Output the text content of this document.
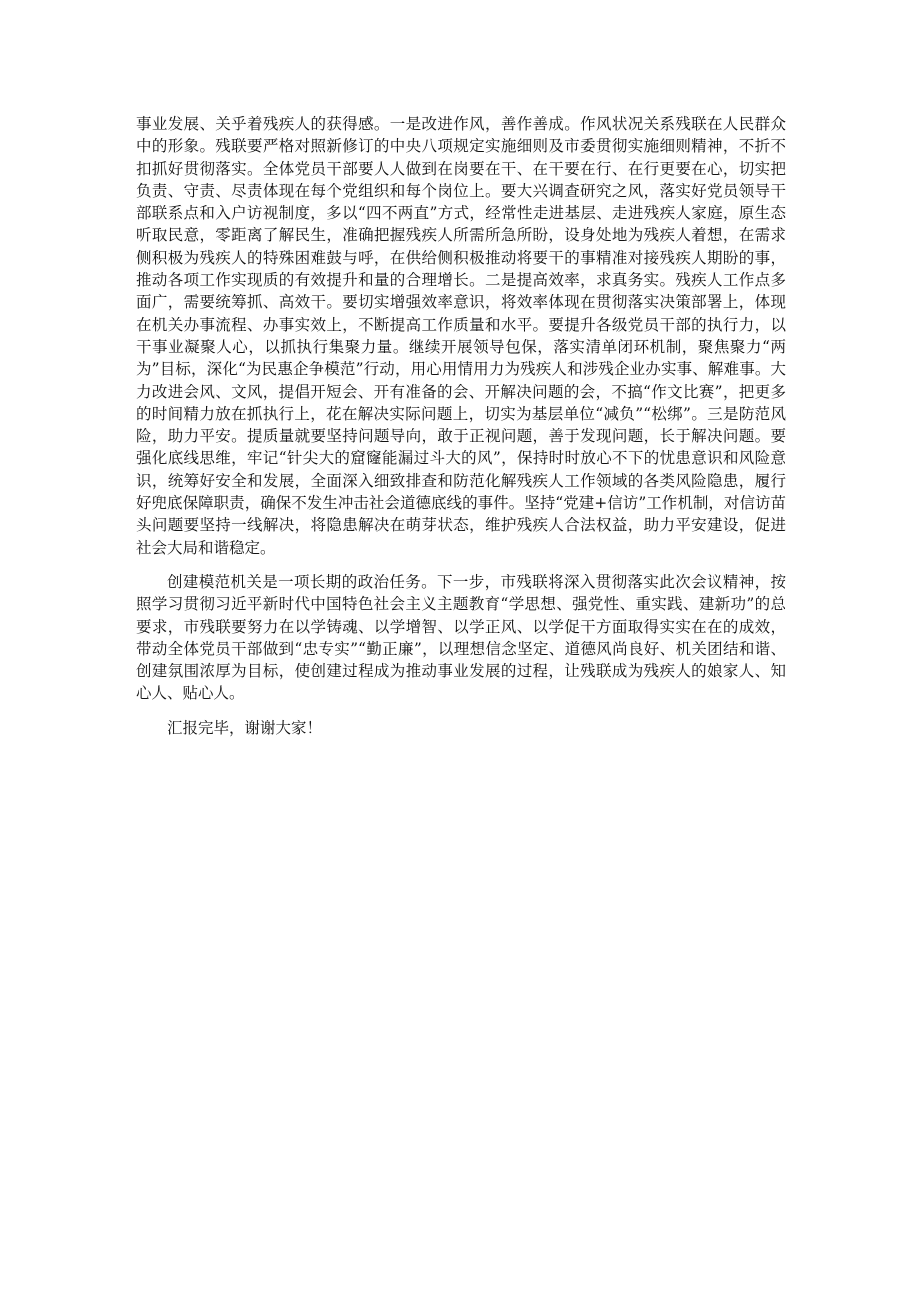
事业发展、关乎着残疾人的获得感。一是改进作风，善作善成。作风状况关系残联在人民群众中的形象。残联要严格对照新修订的中央八项规定实施细则及市委贯彻实施细则精神，不折不扣抓好贯彻落实。全体党员干部要人人做到在岗要在干、在干要在行、在行更要在心，切实把负责、守责、尽责体现在每个党组织和每个岗位上。要大兴调查研究之风，落实好党员领导干部联系点和入户访视制度，多以“四不两直”方式，经常性走进基层、走进残疾人家庭，原生态听取民意，零距离了解民生，准确把握残疾人所需所急所盼，设身处地为残疾人着想，在需求侧积极为残疾人的特殊困难鼓与呼，在供给侧积极推动将要干的事精准对接残疾人期盼的事，推动各项工作实现质的有效提升和量的合理增长。二是提高效率，求真务实。残疾人工作点多面广，需要统筹抓、高效干。要切实增强效率意识，将效率体现在贯彻落实决策部署上，体现在机关办事流程、办事实效上，不断提高工作质量和水平。要提升各级党员干部的执行力，以干事业凝聚人心，以抓执行集聚力量。继续开展领导包保，落实清单闭环机制，聚焦聚力“两为”目标，深化“为民惠企争模范”行动，用心用情用力为残疾人和涉残企业办实事、解难事。大力改进会风、文风，提倡开短会、开有准备的会、开解决问题的会，不搞“作文比赛”，把更多的时间精力放在抓执行上，花在解决实际问题上，切实为基层单位“减负”“松绑”。三是防范风险，助力平安。提质量就要坚持问题导向，敢于正视问题，善于发现问题，长于解决问题。要强化底线思维，牢记“针尖大的窟窿能漏过斗大的风”，保持时时放心不下的忧患意识和风险意识，统筹好安全和发展，全面深入细致排查和防范化解残疾人工作领域的各类风险隐患，履行好兜底保障职责，确保不发生冲击社会道德底线的事件。坚持“党建+信访”工作机制，对信访苗头问题要坚持一线解决，将隐患解决在萌芽状态，维护残疾人合法权益，助力平安建设，促进社会大局和谐稳定。

创建模范机关是一项长期的政治任务。下一步，市残联将深入贯彻落实此次会议精神，按照学习贯彻习近平新时代中国特色社会主义主题教育“学思想、强党性、重实践、建新功”的总要求，市残联要努力在以学铸魂、以学增智、以学正风、以学促干方面取得实实在在的成效，带动全体党员干部做到“忠专实”“勤正廉”，以理想信念坚定、道德风尚良好、机关团结和谐、创建氛围浓厚为目标，使创建过程成为推动事业发展的过程，让残联成为残疾人的娘家人、知心人、贴心人。

汇报完毕，谢谢大家！
